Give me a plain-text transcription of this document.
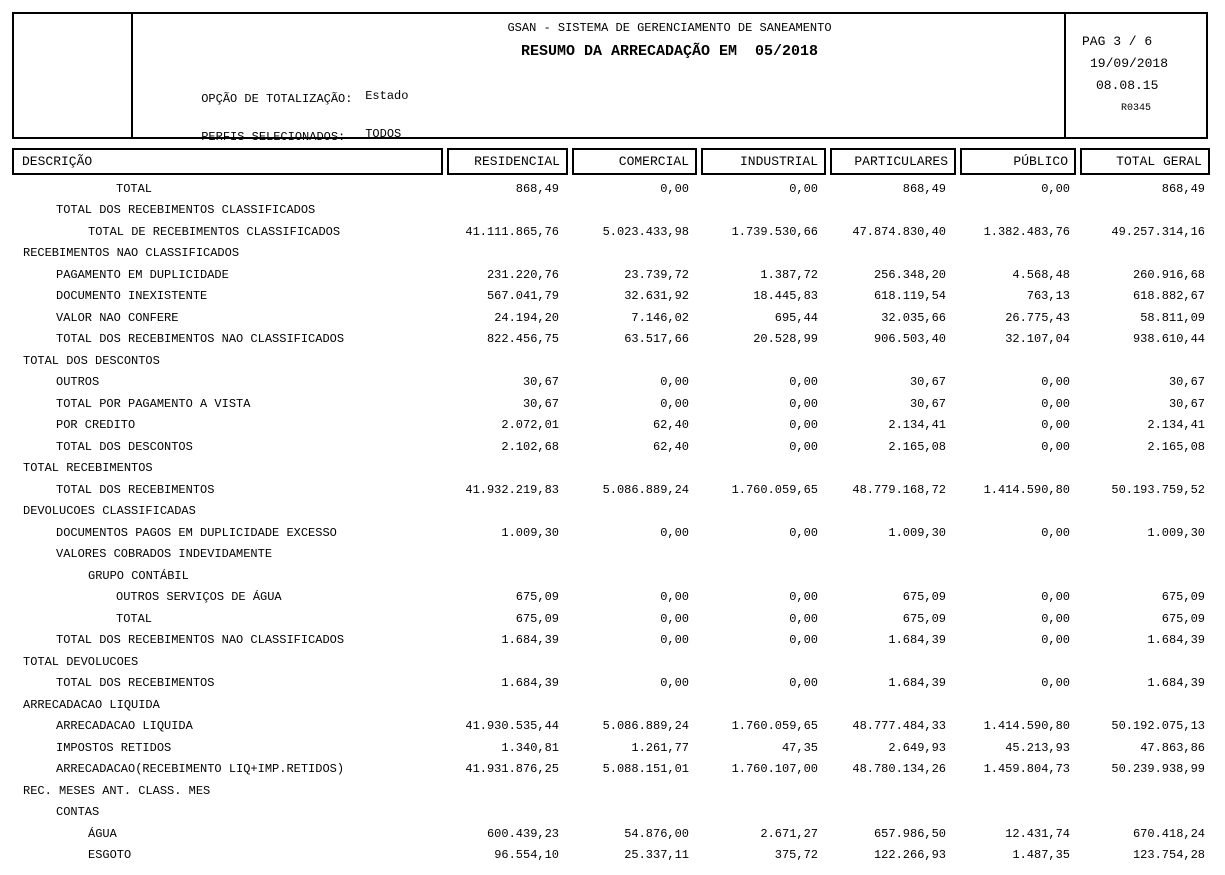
GSAN - SISTEMA DE GERENCIAMENTO DE SANEAMENTO
RESUMO DA ARRECADAÇÃO EM  05/2018

OPÇÃO DE TOTALIZAÇÃO: Estado

PERFIS SELECIONADOS: TODOS

PAG 3 / 6
19/09/2018
08.08.15
R0345
DESCRIÇÃO	RESIDENCIAL	COMERCIAL	INDUSTRIAL	PARTICULARES	PÚBLICO	TOTAL GERAL
TOTAL	868,49	0,00	0,00	868,49	0,00	868,49
TOTAL DOS RECEBIMENTOS CLASSIFICADOS
TOTAL DE RECEBIMENTOS CLASSIFICADOS	41.111.865,76	5.023.433,98	1.739.530,66	47.874.830,40	1.382.483,76	49.257.314,16
RECEBIMENTOS NAO CLASSIFICADOS
PAGAMENTO EM DUPLICIDADE	231.220,76	23.739,72	1.387,72	256.348,20	4.568,48	260.916,68
DOCUMENTO INEXISTENTE	567.041,79	32.631,92	18.445,83	618.119,54	763,13	618.882,67
VALOR NAO CONFERE	24.194,20	7.146,02	695,44	32.035,66	26.775,43	58.811,09
TOTAL DOS RECEBIMENTOS NAO CLASSIFICADOS	822.456,75	63.517,66	20.528,99	906.503,40	32.107,04	938.610,44
TOTAL DOS DESCONTOS
OUTROS	30,67	0,00	0,00	30,67	0,00	30,67
TOTAL POR PAGAMENTO A VISTA	30,67	0,00	0,00	30,67	0,00	30,67
POR CREDITO	2.072,01	62,40	0,00	2.134,41	0,00	2.134,41
TOTAL DOS DESCONTOS	2.102,68	62,40	0,00	2.165,08	0,00	2.165,08
TOTAL RECEBIMENTOS
TOTAL DOS RECEBIMENTOS	41.932.219,83	5.086.889,24	1.760.059,65	48.779.168,72	1.414.590,80	50.193.759,52
DEVOLUCOES CLASSIFICADAS
DOCUMENTOS PAGOS EM DUPLICIDADE EXCESSO	1.009,30	0,00	0,00	1.009,30	0,00	1.009,30
VALORES COBRADOS INDEVIDAMENTE
GRUPO CONTÁBIL
OUTROS SERVIÇOS DE ÁGUA	675,09	0,00	0,00	675,09	0,00	675,09
TOTAL	675,09	0,00	0,00	675,09	0,00	675,09
TOTAL DOS RECEBIMENTOS NAO CLASSIFICADOS	1.684,39	0,00	0,00	1.684,39	0,00	1.684,39
TOTAL DEVOLUCOES
TOTAL DOS RECEBIMENTOS	1.684,39	0,00	0,00	1.684,39	0,00	1.684,39
ARRECADACAO LIQUIDA
ARRECADACAO LIQUIDA	41.930.535,44	5.086.889,24	1.760.059,65	48.777.484,33	1.414.590,80	50.192.075,13
IMPOSTOS RETIDOS	1.340,81	1.261,77	47,35	2.649,93	45.213,93	47.863,86
ARRECADACAO(RECEBIMENTO LIQ+IMP.RETIDOS)	41.931.876,25	5.088.151,01	1.760.107,00	48.780.134,26	1.459.804,73	50.239.938,99
REC. MESES ANT. CLASS. MES
CONTAS
ÁGUA	600.439,23	54.876,00	2.671,27	657.986,50	12.431,74	670.418,24
ESGOTO	96.554,10	25.337,11	375,72	122.266,93	1.487,35	123.754,28
